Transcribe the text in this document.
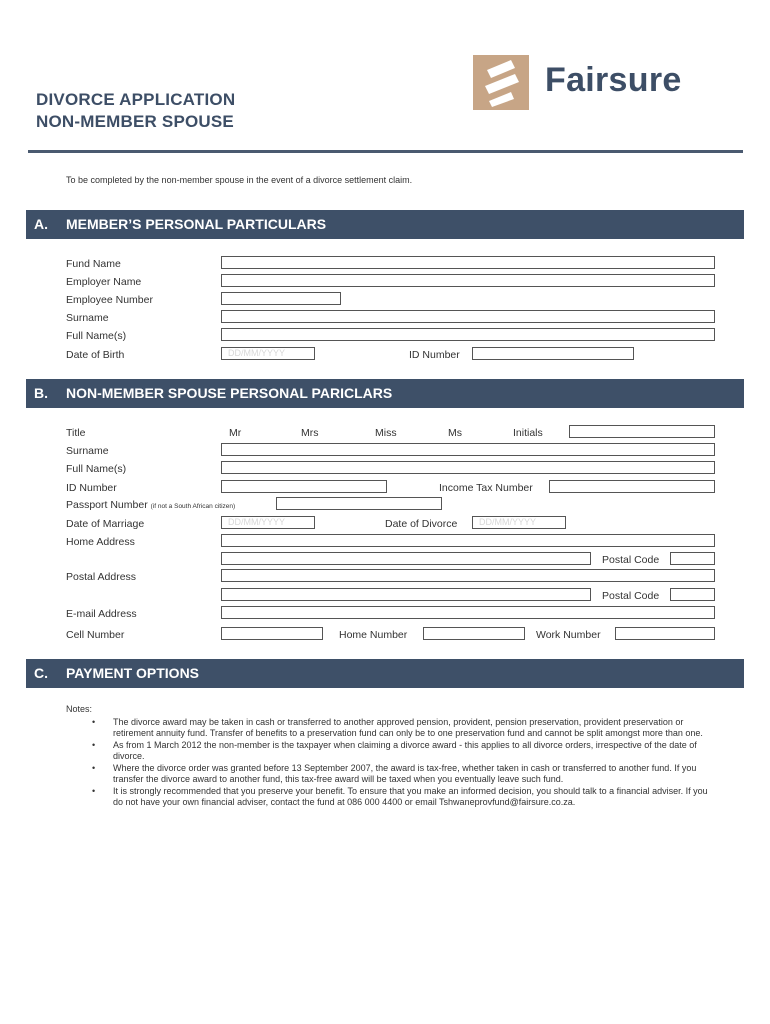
DIVORCE APPLICATION
NON-MEMBER SPOUSE
Fairsure
To be completed by the non-member spouse in the event of a divorce settlement claim.
A. MEMBER’S PERSONAL PARTICULARS
Fund Name
Employer Name
Employee Number
Surname
Full Name(s)
Date of Birth	DD/MM/YYYY	ID Number
B. NON-MEMBER SPOUSE PERSONAL PARICLARS
Title	Mr	Mrs	Miss	Ms	Initials
Surname
Full Name(s)
ID Number	Income Tax Number
Passport Number (if not a South African citizen)
Date of Marriage	DD/MM/YYYY	Date of Divorce	DD/MM/YYYY
Home Address
Postal Code
Postal Address
Postal Code
E-mail Address
Cell Number	Home Number	Work Number
C. PAYMENT OPTIONS
Notes:
• The divorce award may be taken in cash or transferred to another approved pension, provident, pension preservation, provident preservation or retirement annuity fund. Transfer of benefits to a preservation fund can only be to one preservation fund and cannot be split amongst more than one.
• As from 1 March 2012 the non-member is the taxpayer when claiming a divorce award - this applies to all divorce orders, irrespective of the date of divorce.
• Where the divorce order was granted before 13 September 2007, the award is tax-free, whether taken in cash or transferred to another fund. If you transfer the divorce award to another fund, this tax-free award will be taxed when you eventually leave such fund.
• It is strongly recommended that you preserve your benefit. To ensure that you make an informed decision, you should talk to a financial adviser. If you do not have your own financial adviser, contact the fund at 086 000 4400 or email Tshwaneprovfund@fairsure.co.za.
